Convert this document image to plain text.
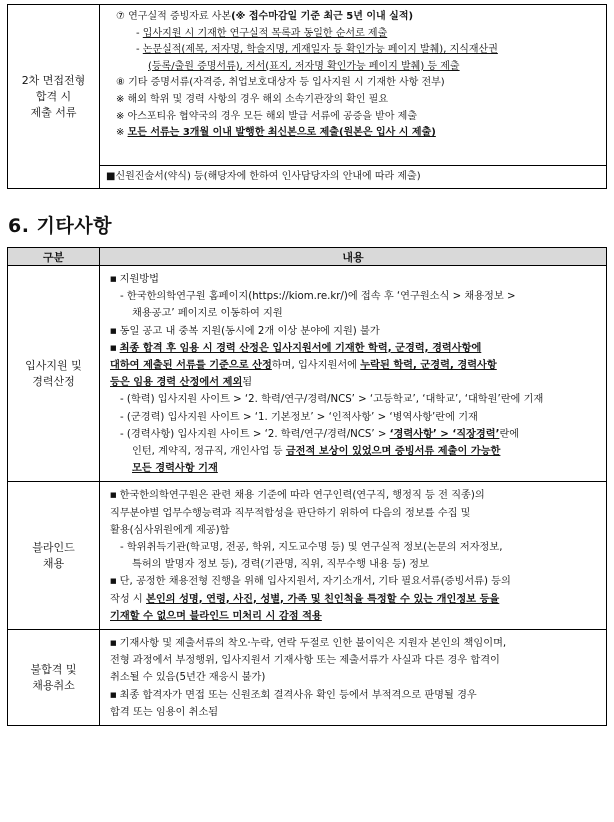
2차 면접전형
합격 시
제출 서류
⑦ 연구실적 증빙자료 사본(※ 접수마감일 기준 최근 5년 이내 실적)
- 입사지원 시 기재한 연구실적 목록과 동일한 순서로 제출
- 논문실적(제목, 저자명, 학술지명, 게재일자 등 확인가능 페이지 발췌), 지식재산권
(등록/출원 증명서류), 저서(표지, 저자명 확인가능 페이지 발췌) 등 제출
⑧ 기타 증명서류(자격증, 취업보호대상자 등 입사지원 시 기재한 사항 전부)
※ 해외 학위 및 경력 사항의 경우 해외 소속기관장의 확인 필요
※ 아스포티유 협약국의 경우 모든 해외 발급 서류에 공증을 받아 제출
※ 모든 서류는 3개월 이내 발행한 최신본으로 제출(원본은 입사 시 제출)
■신원진술서(약식) 등(해당자에 한하여 인사담당자의 안내에 따라 제출)
6. 기타사항
구분	내용
입사지원 및
경력산정
■ 지원방법
- 한국한의학연구원 홈페이지(https://kiom.re.kr/)에 접속 후 ‘연구원소식 > 채용정보 >
채용공고’ 페이지로 이동하여 지원
■ 동일 공고 내 중복 지원(동시에 2개 이상 분야에 지원) 불가
■ 최종 합격 후 임용 시 경력 산정은 입사지원서에 기재한 학력, 군경력, 경력사항에
대하여 제출된 서류를 기준으로 산정하며, 입사지원서에 누락된 학력, 군경력, 경력사항
등은 임용 경력 산정에서 제외됨
- (학력) 입사지원 사이트 > ‘2. 학력/연구/경력/NCS’ > ‘고등학교’, ‘대학교’, ‘대학원’란에 기재
- (군경력) 입사지원 사이트 > ‘1. 기본정보’ > ‘인적사항’ > ‘병역사항’란에 기재
- (경력사항) 입사지원 사이트 > ‘2. 학력/연구/경력/NCS’ > ‘경력사항’ > ‘직장경력’란에
인턴, 계약직, 정규직, 개인사업 등 금전적 보상이 있었으며 증빙서류 제출이 가능한
모든 경력사항 기재
블라인드
채용
■ 한국한의학연구원은 관련 채용 기준에 따라 연구인력(연구직, 행정직 등 전 직종)의
직무분야별 업무수행능력과 직무적합성을 판단하기 위하여 다음의 정보를 수집 및
활용(심사위원에게 제공)함
- 학위취득기관(학교명, 전공, 학위, 지도교수명 등) 및 연구실적 정보(논문의 저자정보,
특허의 발명자 정보 등), 경력(기관명, 직위, 직무수행 내용 등) 정보
■ 단, 공정한 채용전형 진행을 위해 입사지원서, 자기소개서, 기타 필요서류(증빙서류) 등의
작성 시 본인의 성명, 연령, 사진, 성별, 가족 및 친인척을 특정할 수 있는 개인정보 등을
기재할 수 없으며 블라인드 미처리 시 감점 적용
불합격 및
채용취소
■ 기재사항 및 제출서류의 착오·누락, 연락 두절로 인한 불이익은 지원자 본인의 책임이며,
전형 과정에서 부정행위, 입사지원서 기재사항 또는 제출서류가 사실과 다른 경우 합격이
취소될 수 있음(5년간 재응시 불가)
■ 최종 합격자가 면접 또는 신원조회 결격사유 확인 등에서 부적격으로 판명될 경우
합격 또는 임용이 취소됨
